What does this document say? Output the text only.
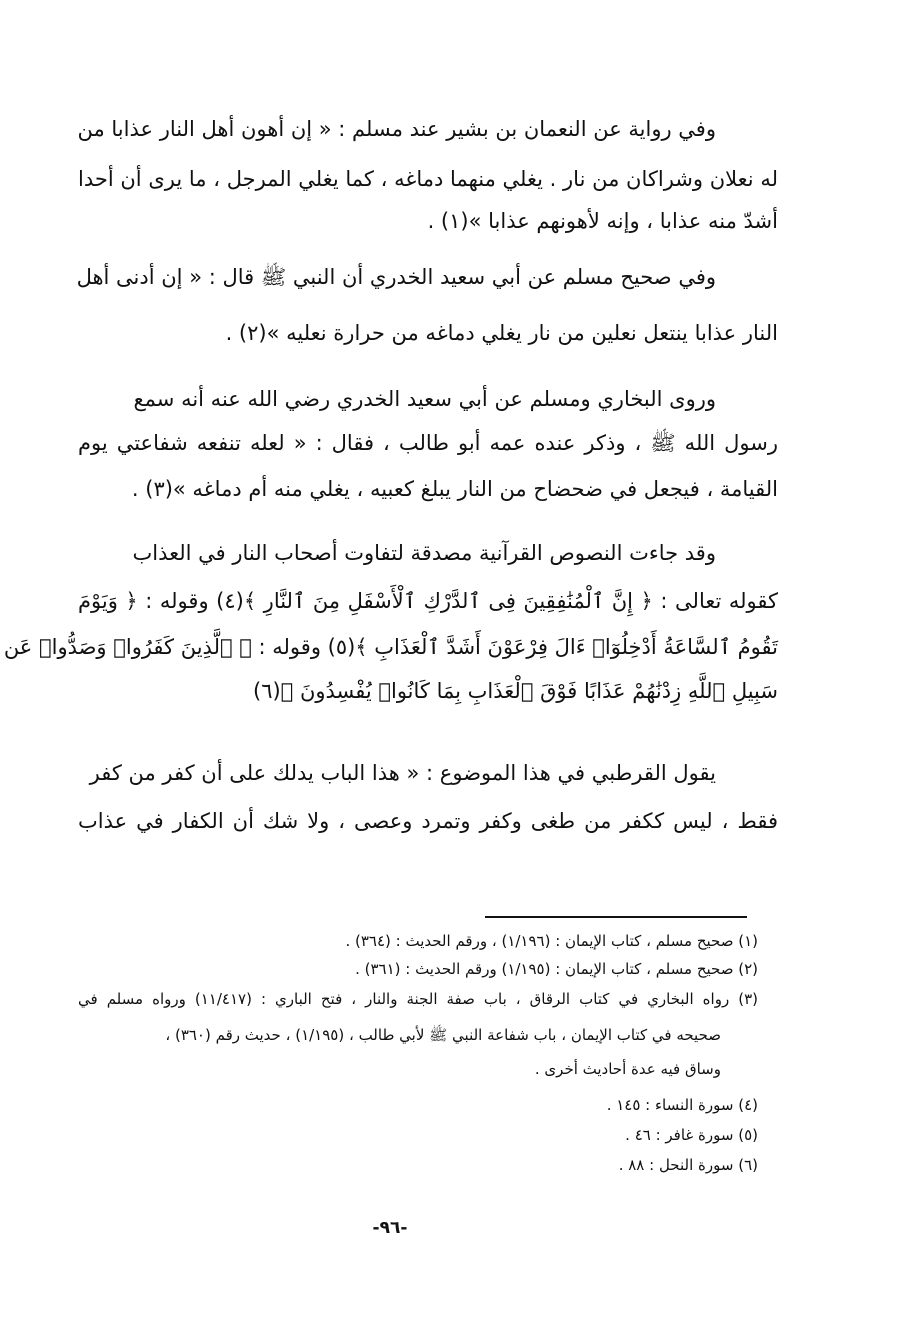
وفي رواية عن النعمان بن بشير عند مسلم : « إن أهون أهل النار عذابا من
له نعلان وشراكان من نار . يغلي منهما دماغه ، كما يغلي المرجل ، ما يرى أن أحدا
أشدّ منه عذابا ، وإنه لأهونهم عذابا »(١) .
وفي صحيح مسلم عن أبي سعيد الخدري أن النبي ﷺ قال : « إن أدنى أهل
النار عذابا ينتعل نعلين من نار يغلي دماغه من حرارة نعليه »(٢) .
وروى البخاري ومسلم عن أبي سعيد الخدري رضي الله عنه أنه سمع
رسول الله ﷺ ، وذكر عنده عمه أبو طالب ، فقال : « لعله تنفعه شفاعتي يوم
القيامة ، فيجعل في ضحضاح من النار يبلغ كعبيه ، يغلي منه أم دماغه »(٣) .
وقد جاءت النصوص القرآنية مصدقة لتفاوت أصحاب النار في العذاب
كقوله تعالى : ﴿ إِنَّ ٱلْمُنَٰفِقِينَ فِى ٱلدَّرْكِ ٱلْأَسْفَلِ مِنَ ٱلنَّارِ ﴾(٤) وقوله : ﴿ وَيَوْمَ
تَقُومُ ٱلسَّاعَةُ أَدْخِلُوٓا۟ ءَالَ فِرْعَوْنَ أَشَدَّ ٱلْعَذَابِ ﴾(٥) وقوله : ﴿ ٱلَّذِينَ كَفَرُوا۟ وَصَدُّوا۟ عَن
سَبِيلِ ٱللَّهِ زِدْنَٰهُمْ عَذَابًا فَوْقَ ٱلْعَذَابِ بِمَا كَانُوا۟ يُفْسِدُونَ ﴾(٦)
يقول القرطبي في هذا الموضوع : « هذا الباب يدلك على أن كفر من كفر
فقط ، ليس ككفر من طغى وكفر وتمرد وعصى ، ولا شك أن الكفار في عذاب
(١) صحيح مسلم ، كتاب الإيمان : (١/١٩٦) ، ورقم الحديث : (٣٦٤) .
(٢) صحيح مسلم ، كتاب الإيمان : (١/١٩٥) ورقم الحديث : (٣٦١) .
(٣) رواه البخاري في كتاب الرقاق ، باب صفة الجنة والنار ، فتح الباري : (١١/٤١٧) ورواه مسلم في
صحيحه في كتاب الإيمان ، باب شفاعة النبي ﷺ لأبي طالب ، (١/١٩٥) ، حديث رقم (٣٦٠) ،
وساق فيه عدة أحاديث أخرى .
(٤) سورة النساء : ١٤٥ .
(٥) سورة غافر : ٤٦ .
(٦) سورة النحل : ٨٨ .
-٩٦-
